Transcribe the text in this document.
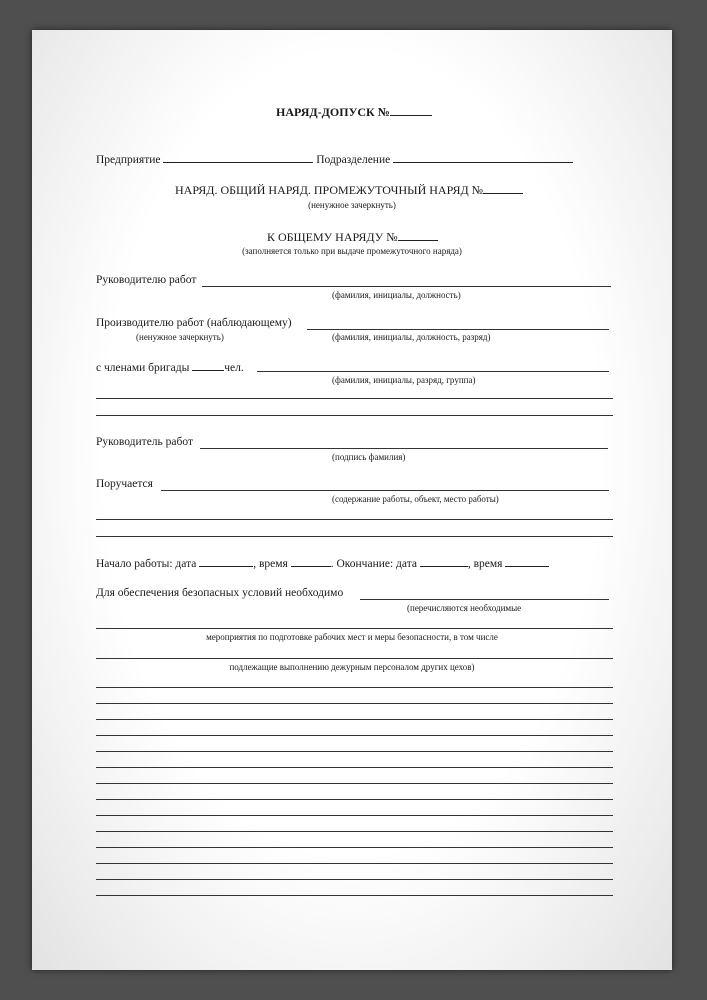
НАРЯД-ДОПУСК №
Предприятие	Подразделение
НАРЯД. ОБЩИЙ НАРЯД. ПРОМЕЖУТОЧНЫЙ НАРЯД №
(ненужное зачеркнуть)
К ОБЩЕМУ НАРЯДУ №
(заполняется только при выдаче промежуточного наряда)
Руководителю работ
(фамилия, инициалы, должность)
Производителю работ (наблюдающему)
(ненужное зачеркнуть)	(фамилия, инициалы, должность, разряд)
с членами бригады	чел.
(фамилия, инициалы, разряд, группа)
Руководитель работ
(подпись фамилия)
Поручается
(содержание работы, объект, место работы)
Начало работы: дата	, время	. Окончание: дата	, время
Для обеспечения безопасных условий необходимо
(перечисляются необходимые
мероприятия по подготовке рабочих мест и меры безопасности, в том числе
подлежащие выполнению дежурным персоналом других цехов)
